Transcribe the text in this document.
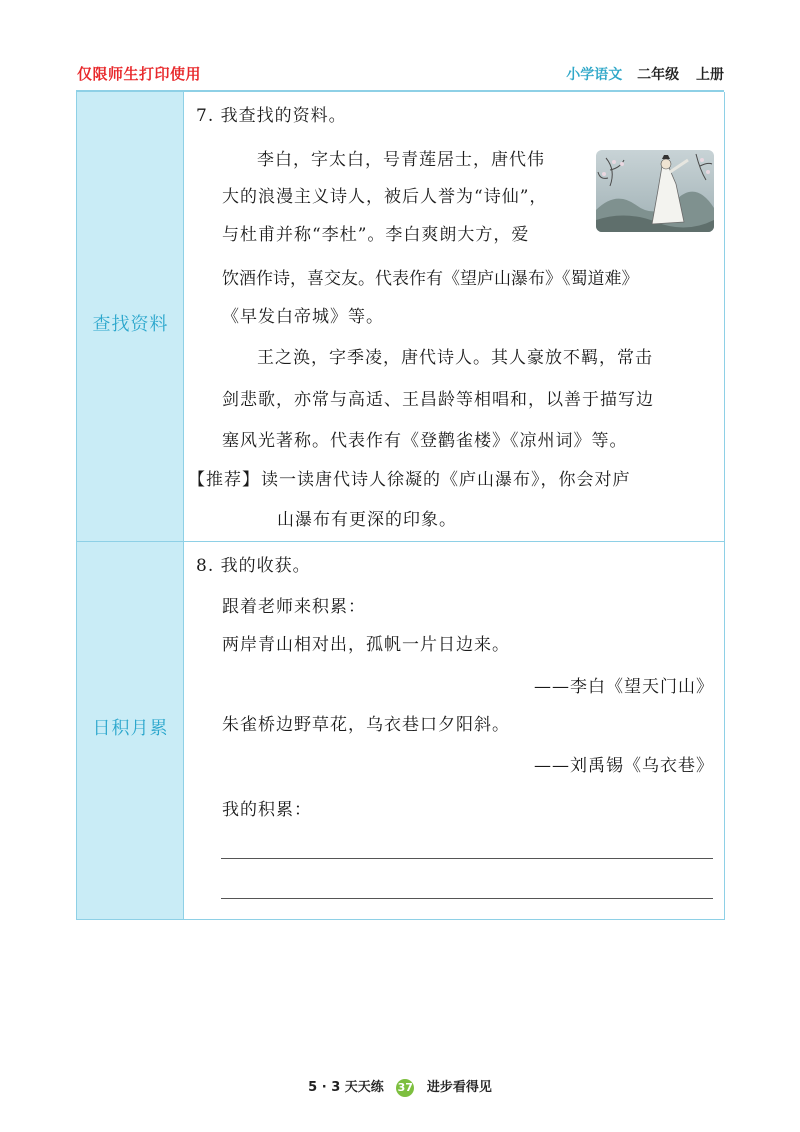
仅限师生打印使用	小学语文 二年级 上册
查找资料
日积月累
7. 我查找的资料。
李白，字太白，号青莲居士，唐代伟
大的浪漫主义诗人，被后人誉为“诗仙”，
与杜甫并称“李杜”。李白爽朗大方，爱
饮酒作诗，喜交友。代表作有《望庐山瀑布》《蜀道难》
《早发白帝城》等。
王之涣，字季凌，唐代诗人。其人豪放不羁，常击
剑悲歌，亦常与高适、王昌龄等相唱和，以善于描写边
塞风光著称。代表作有《登鹳雀楼》《凉州词》等。
【推荐】 读一读唐代诗人徐凝的《庐山瀑布》，你会对庐
山瀑布有更深的印象。
8. 我的收获。
跟着老师来积累：
两岸青山相对出，孤帆一片日边来。
——李白《望天门山》
朱雀桥边野草花，乌衣巷口夕阳斜。
——刘禹锡《乌衣巷》
我的积累：
5 · 3 天天练 37 进步看得见
